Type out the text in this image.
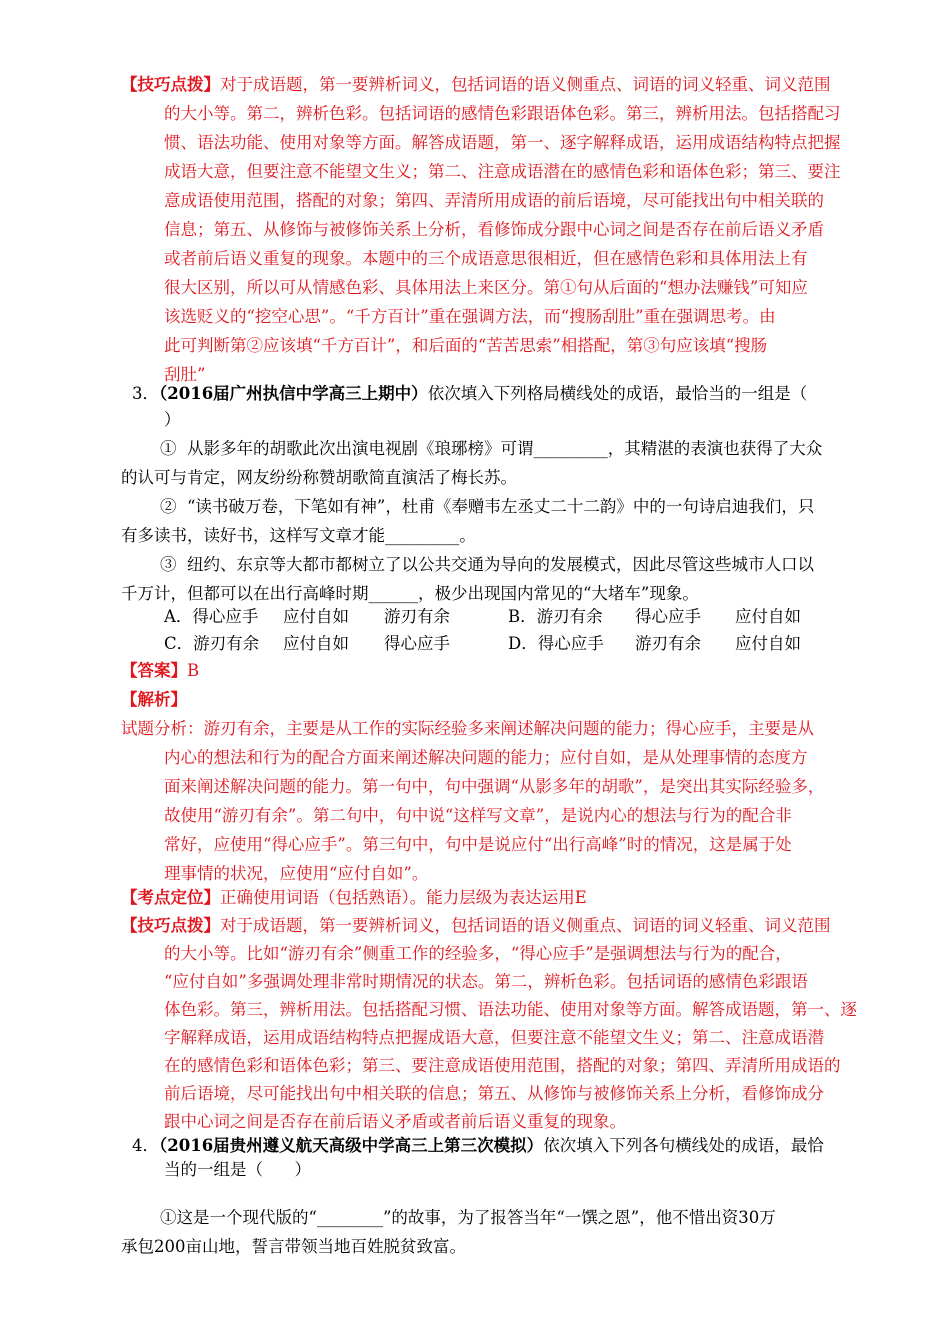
【技巧点拨】对于成语题，第一要辨析词义，包括词语的语义侧重点、词语的词义轻重、词义范围
的大小等。第二，辨析色彩。包括词语的感情色彩跟语体色彩。第三，辨析用法。包括搭配习
惯、语法功能、使用对象等方面。解答成语题，第一、逐字解释成语，运用成语结构特点把握
成语大意，但要注意不能望文生义；第二、注意成语潜在的感情色彩和语体色彩；第三、要注
意成语使用范围，搭配的对象；第四、弄清所用成语的前后语境，尽可能找出句中相关联的
信息；第五、从修饰与被修饰关系上分析，看修饰成分跟中心词之间是否存在前后语义矛盾
或者前后语义重复的现象。本题中的三个成语意思很相近，但在感情色彩和具体用法上有
很大区别，所以可从情感色彩、具体用法上来区分。第①句从后面的“想办法赚钱”可知应
该选贬义的“挖空心思”。“千方百计”重在强调方法，而“搜肠刮肚”重在强调思考。由
此可判断第②应该填“千方百计”，和后面的“苦苦思索”相搭配，第③句应该填“搜肠
刮肚”
3．（2016届广州执信中学高三上期中）依次填入下列格局横线处的成语，最恰当的一组是（
）
①  从影多年的胡歌此次出演电视剧《琅琊榜》可谓_________，其精湛的表演也获得了大众
的认可与肯定，网友纷纷称赞胡歌简直演活了梅长苏。
②  “读书破万卷，下笔如有神”，杜甫《奉赠韦左丞丈二十二韵》中的一句诗启迪我们，只
有多读书，读好书，这样写文章才能_________。
③  纽约、东京等大都市都树立了以公共交通为导向的发展模式，因此尽管这些城市人口以
千万计，但都可以在出行高峰时期______，极少出现国内常见的“大堵车”现象。
A．得心应手 应付自如 游刃有余	B．游刃有余 得心应手 应付自如
C．游刃有余 应付自如 得心应手	D．得心应手 游刃有余 应付自如
【答案】B
【解析】
试题分析：游刃有余，主要是从工作的实际经验多来阐述解决问题的能力；得心应手，主要是从
内心的想法和行为的配合方面来阐述解决问题的能力；应付自如，是从处理事情的态度方
面来阐述解决问题的能力。第一句中，句中强调“从影多年的胡歌”，是突出其实际经验多，
故使用“游刃有余”。第二句中，句中说“这样写文章”，是说内心的想法与行为的配合非
常好，应使用“得心应手”。第三句中，句中是说应付“出行高峰”时的情况，这是属于处
理事情的状况，应使用“应付自如”。
【考点定位】正确使用词语（包括熟语）。能力层级为表达运用E
【技巧点拨】对于成语题，第一要辨析词义，包括词语的语义侧重点、词语的词义轻重、词义范围
的大小等。比如“游刃有余”侧重工作的经验多，“得心应手”是强调想法与行为的配合，
“应付自如”多强调处理非常时期情况的状态。第二，辨析色彩。包括词语的感情色彩跟语
体色彩。第三，辨析用法。包括搭配习惯、语法功能、使用对象等方面。解答成语题，第一、逐
字解释成语，运用成语结构特点把握成语大意，但要注意不能望文生义；第二、注意成语潜
在的感情色彩和语体色彩；第三、要注意成语使用范围，搭配的对象；第四、弄清所用成语的
前后语境，尽可能找出句中相关联的信息；第五、从修饰与被修饰关系上分析，看修饰成分
跟中心词之间是否存在前后语义矛盾或者前后语义重复的现象。
4．（2016届贵州遵义航天高级中学高三上第三次模拟）依次填入下列各句横线处的成语，最恰
当的一组是（      ）
①这是一个现代版的“________”的故事，为了报答当年“一馔之恩”，他不惜出资30万
承包200亩山地，誓言带领当地百姓脱贫致富。
